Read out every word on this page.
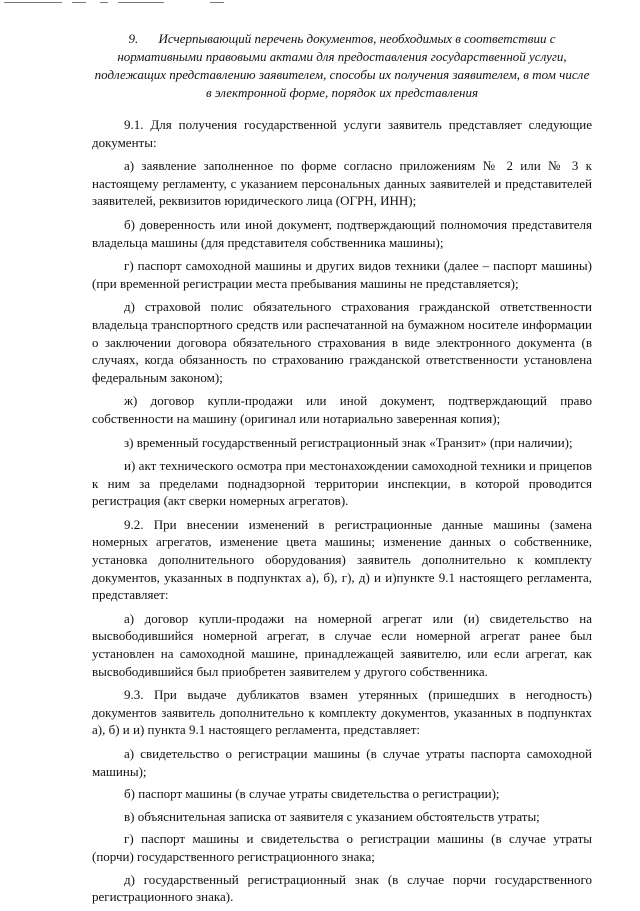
9. Исчерпывающий перечень документов, необходимых в соответствии с нормативными правовыми актами для предоставления государственной услуги, подлежащих представлению заявителем, способы их получения заявителем, в том числе в электронной форме, порядок их представления

9.1. Для получения государственной услуги заявитель представляет следующие документы:

а) заявление заполненное по форме согласно приложениям № 2 или № 3 к настоящему регламенту, с указанием персональных данных заявителей и представителей заявителей, реквизитов юридического лица (ОГРН, ИНН);

б) доверенность или иной документ, подтверждающий полномочия представителя владельца машины (для представителя собственника машины);

г) паспорт самоходной машины и других видов техники (далее – паспорт машины) (при временной регистрации места пребывания машины не представляется);

д) страховой полис обязательного страхования гражданской ответственности владельца транспортного средств или распечатанной на бумажном носителе информации о заключении договора обязательного страхования в виде электронного документа (в случаях, когда обязанность по страхованию гражданской ответственности установлена федеральным законом);

ж) договор купли-продажи или иной документ, подтверждающий право собственности на машину (оригинал или нотариально заверенная копия);

з) временный государственный регистрационный знак «Транзит» (при наличии);

и) акт технического осмотра при местонахождении самоходной техники и прицепов к ним за пределами поднадзорной территории инспекции, в которой проводится регистрация (акт сверки номерных агрегатов).

9.2. При внесении изменений в регистрационные данные машины (замена номерных агрегатов, изменение цвета машины; изменение данных о собственнике, установка дополнительного оборудования) заявитель дополнительно к комплекту документов, указанных в подпунктах а), б), г), д) и и)пункте 9.1 настоящего регламента, представляет:

а) договор купли-продажи на номерной агрегат или (и) свидетельство на высвободившийся номерной агрегат, в случае если номерной агрегат ранее был установлен на самоходной машине, принадлежащей заявителю, или если агрегат, как высвободившийся был приобретен заявителем у другого собственника.

9.3. При выдаче дубликатов взамен утерянных (пришедших в негодность) документов заявитель дополнительно к комплекту документов, указанных в подпунктах а), б) и и) пункта 9.1 настоящего регламента, представляет:

а) свидетельство о регистрации машины (в случае утраты паспорта самоходной машины);

б) паспорт машины (в случае утраты свидетельства о регистрации);

в) объяснительная записка от заявителя с указанием обстоятельств утраты;

г) паспорт машины и свидетельства о регистрации машины (в случае утраты (порчи) государственного регистрационного знака;

д) государственный регистрационный знак (в случае порчи государственного регистрационного знака).
